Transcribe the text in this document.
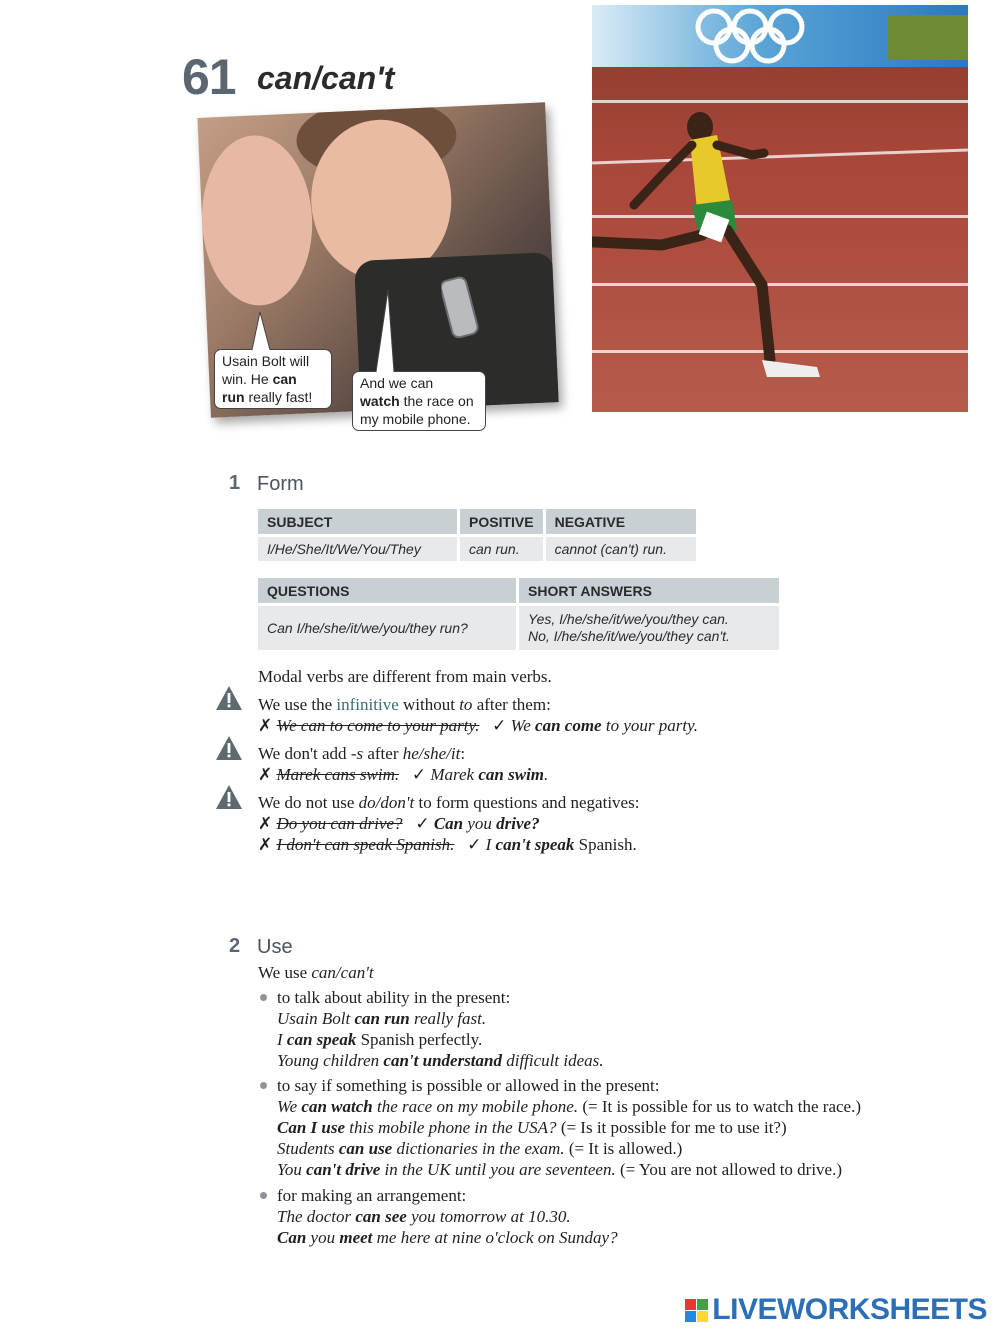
61 can/can't
Usain Bolt will
win. He can
run really fast!
And we can
watch the race on
my mobile phone.
1 Form
SUBJECT	POSITIVE	NEGATIVE
I/He/She/It/We/You/They	can run.	cannot (can't) run.
QUESTIONS	SHORT ANSWERS
Can I/he/she/it/we/you/they run?	Yes, I/he/she/it/we/you/they can.
No, I/he/she/it/we/you/they can't.
Modal verbs are different from main verbs.
We use the infinitive without to after them:
✗ We can to come to your party. ✓ We can come to your party.
We don't add -s after he/she/it:
✗ Marek cans swim. ✓ Marek can swim.
We do not use do/don't to form questions and negatives:
✗ Do you can drive? ✓ Can you drive?
✗ I don't can speak Spanish. ✓ I can't speak Spanish.
2 Use
We use can/can't
to talk about ability in the present:
Usain Bolt can run really fast.
I can speak Spanish perfectly.
Young children can't understand difficult ideas.
to say if something is possible or allowed in the present:
We can watch the race on my mobile phone. (= It is possible for us to watch the race.)
Can I use this mobile phone in the USA? (= Is it possible for me to use it?)
Students can use dictionaries in the exam. (= It is allowed.)
You can't drive in the UK until you are seventeen. (= You are not allowed to drive.)
for making an arrangement:
The doctor can see you tomorrow at 10.30.
Can you meet me here at nine o'clock on Sunday?
LIVEWORKSHEETS
